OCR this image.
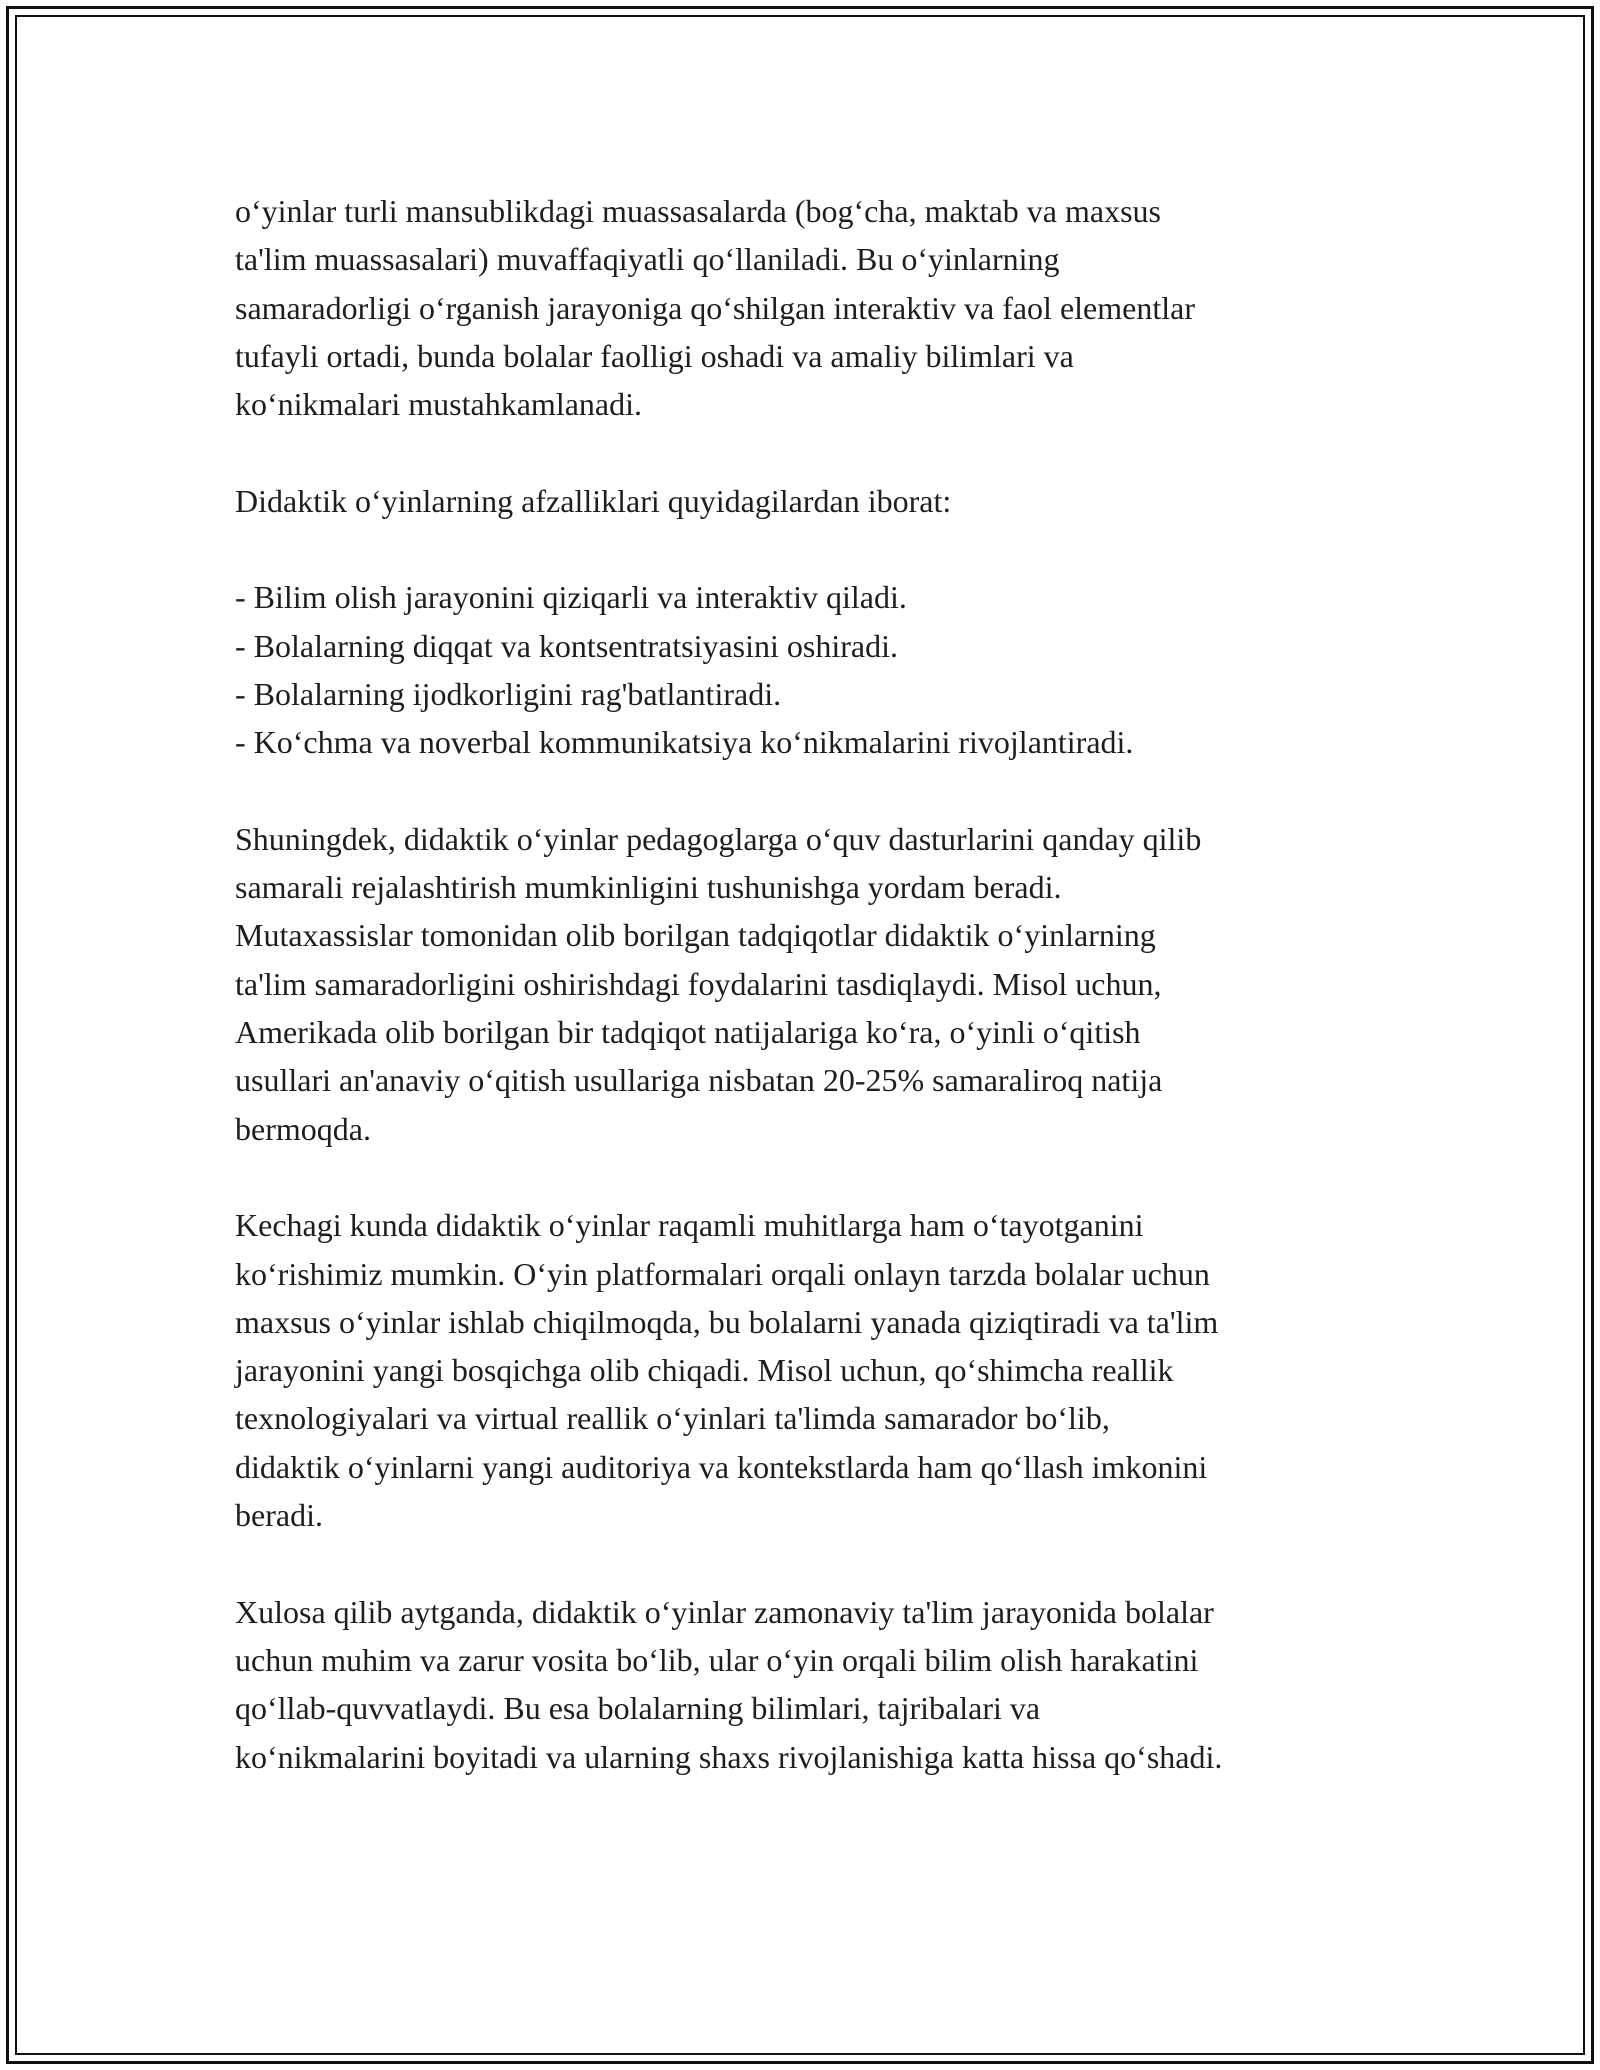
o‘yinlar turli mansublikdagi muassasalarda (bog‘cha, maktab va maxsus
ta'lim muassasalari) muvaffaqiyatli qo‘llaniladi. Bu o‘yinlarning
samaradorligi o‘rganish jarayoniga qo‘shilgan interaktiv va faol elementlar
tufayli ortadi, bunda bolalar faolligi oshadi va amaliy bilimlari va
ko‘nikmalari mustahkamlanadi.

Didaktik o‘yinlarning afzalliklari quyidagilardan iborat:

- Bilim olish jarayonini qiziqarli va interaktiv qiladi.
- Bolalarning diqqat va kontsentratsiyasini oshiradi.
- Bolalarning ijodkorligini rag'batlantiradi.
- Ko‘chma va noverbal kommunikatsiya ko‘nikmalarini rivojlantiradi.

Shuningdek, didaktik o‘yinlar pedagoglarga o‘quv dasturlarini qanday qilib
samarali rejalashtirish mumkinligini tushunishga yordam beradi.
Mutaxassislar tomonidan olib borilgan tadqiqotlar didaktik o‘yinlarning
ta'lim samaradorligini oshirishdagi foydalarini tasdiqlaydi. Misol uchun,
Amerikada olib borilgan bir tadqiqot natijalariga ko‘ra, o‘yinli o‘qitish
usullari an'anaviy o‘qitish usullariga nisbatan 20-25% samaraliroq natija
bermoqda.

Kechagi kunda didaktik o‘yinlar raqamli muhitlarga ham o‘tayotganini
ko‘rishimiz mumkin. O‘yin platformalari orqali onlayn tarzda bolalar uchun
maxsus o‘yinlar ishlab chiqilmoqda, bu bolalarni yanada qiziqtiradi va ta'lim
jarayonini yangi bosqichga olib chiqadi. Misol uchun, qo‘shimcha reallik
texnologiyalari va virtual reallik o‘yinlari ta'limda samarador bo‘lib,
didaktik o‘yinlarni yangi auditoriya va kontekstlarda ham qo‘llash imkonini
beradi.

Xulosa qilib aytganda, didaktik o‘yinlar zamonaviy ta'lim jarayonida bolalar
uchun muhim va zarur vosita bo‘lib, ular o‘yin orqali bilim olish harakatini
qo‘llab-quvvatlaydi. Bu esa bolalarning bilimlari, tajribalari va
ko‘nikmalarini boyitadi va ularning shaxs rivojlanishiga katta hissa qo‘shadi.
